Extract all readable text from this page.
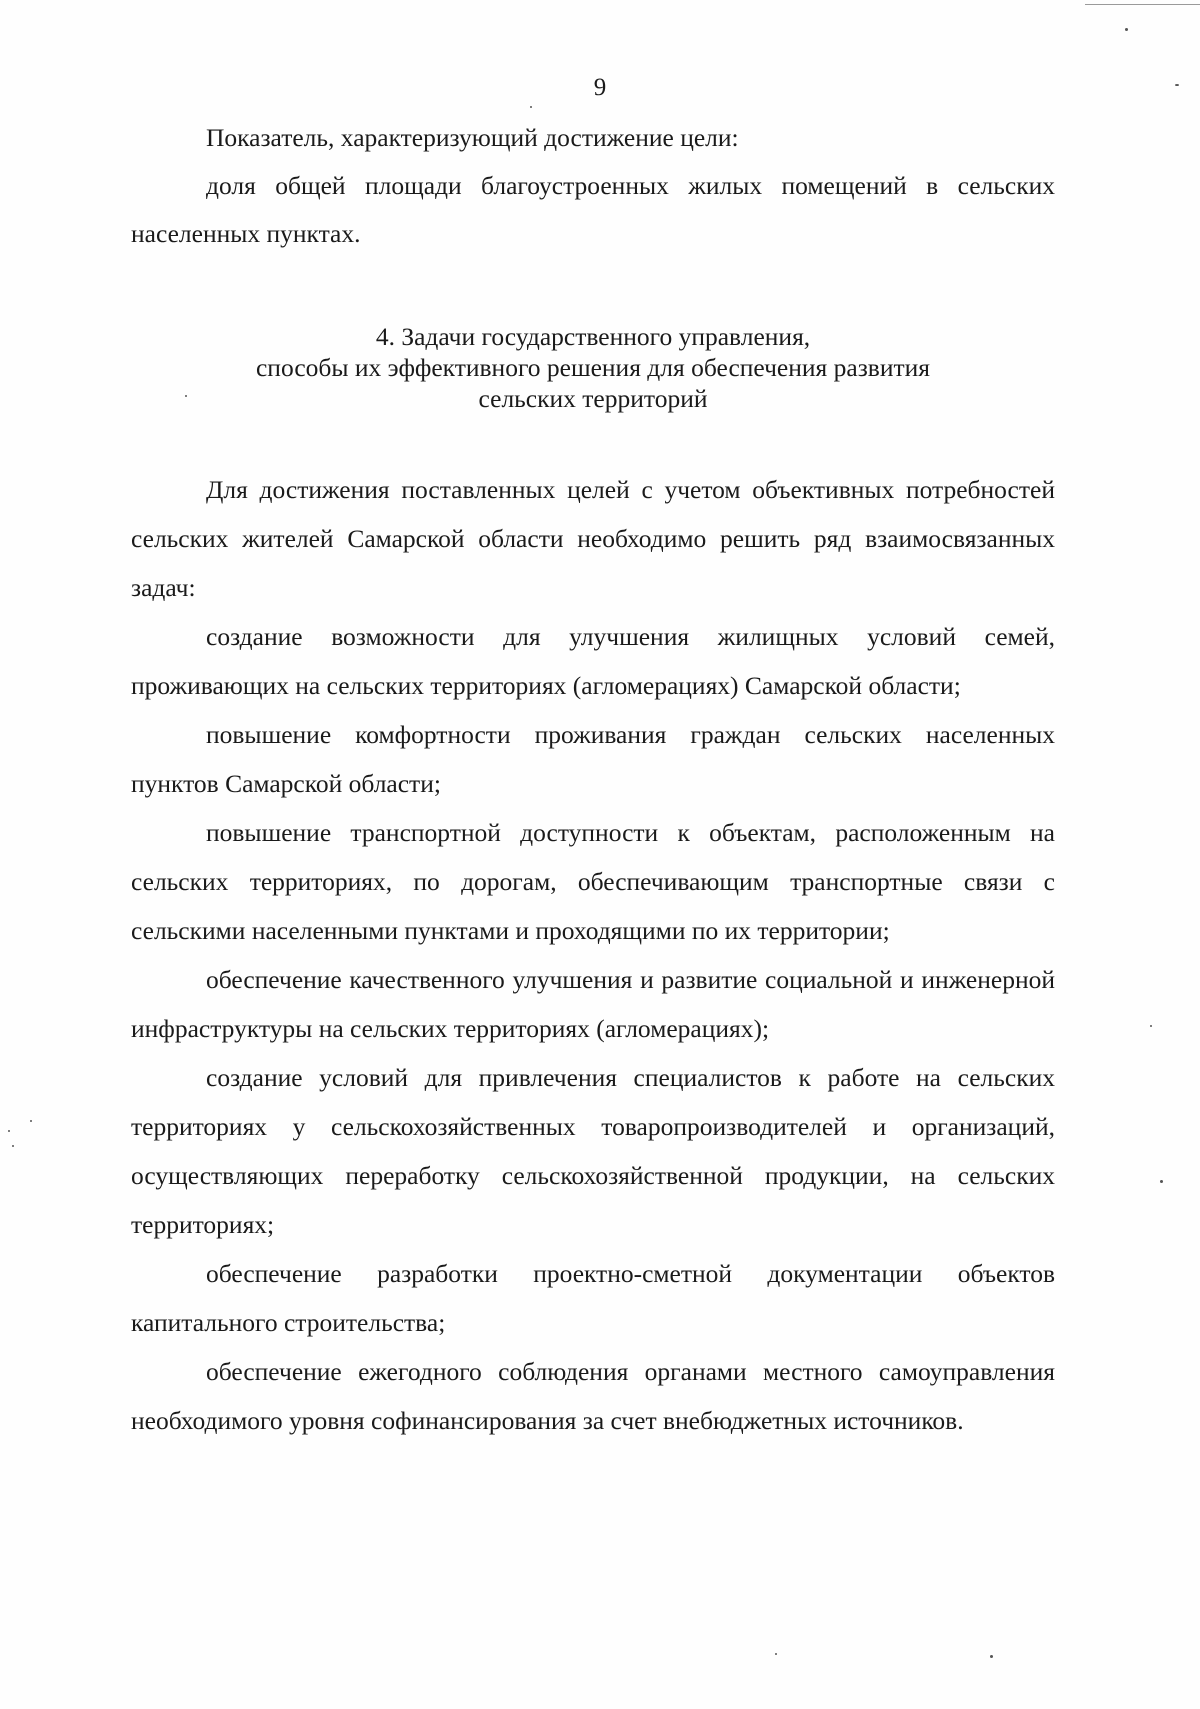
9

Показатель, характеризующий достижение цели:

доля общей площади благоустроенных жилых помещений в сельских населенных пунктах.

4. Задачи государственного управления,
способы их эффективного решения для обеспечения развития
сельских территорий

Для достижения поставленных целей с учетом объективных потребностей сельских жителей Самарской области необходимо решить ряд взаимосвязанных задач:

создание возможности для улучшения жилищных условий семей, проживающих на сельских территориях (агломерациях) Самарской области;

повышение комфортности проживания граждан сельских населенных пунктов Самарской области;

повышение транспортной доступности к объектам, расположенным на сельских территориях, по дорогам, обеспечивающим транспортные связи с сельскими населенными пунктами и проходящими по их территории;

обеспечение качественного улучшения и развитие социальной и инженерной инфраструктуры на сельских территориях (агломерациях);

создание условий для привлечения специалистов к работе на сельских территориях у сельскохозяйственных товаропроизводителей и организаций, осуществляющих переработку сельскохозяйственной продукции, на сельских территориях;

обеспечение разработки проектно-сметной документации объектов капитального строительства;

обеспечение ежегодного соблюдения органами местного самоуправления необходимого уровня софинансирования за счет внебюджетных источников.
